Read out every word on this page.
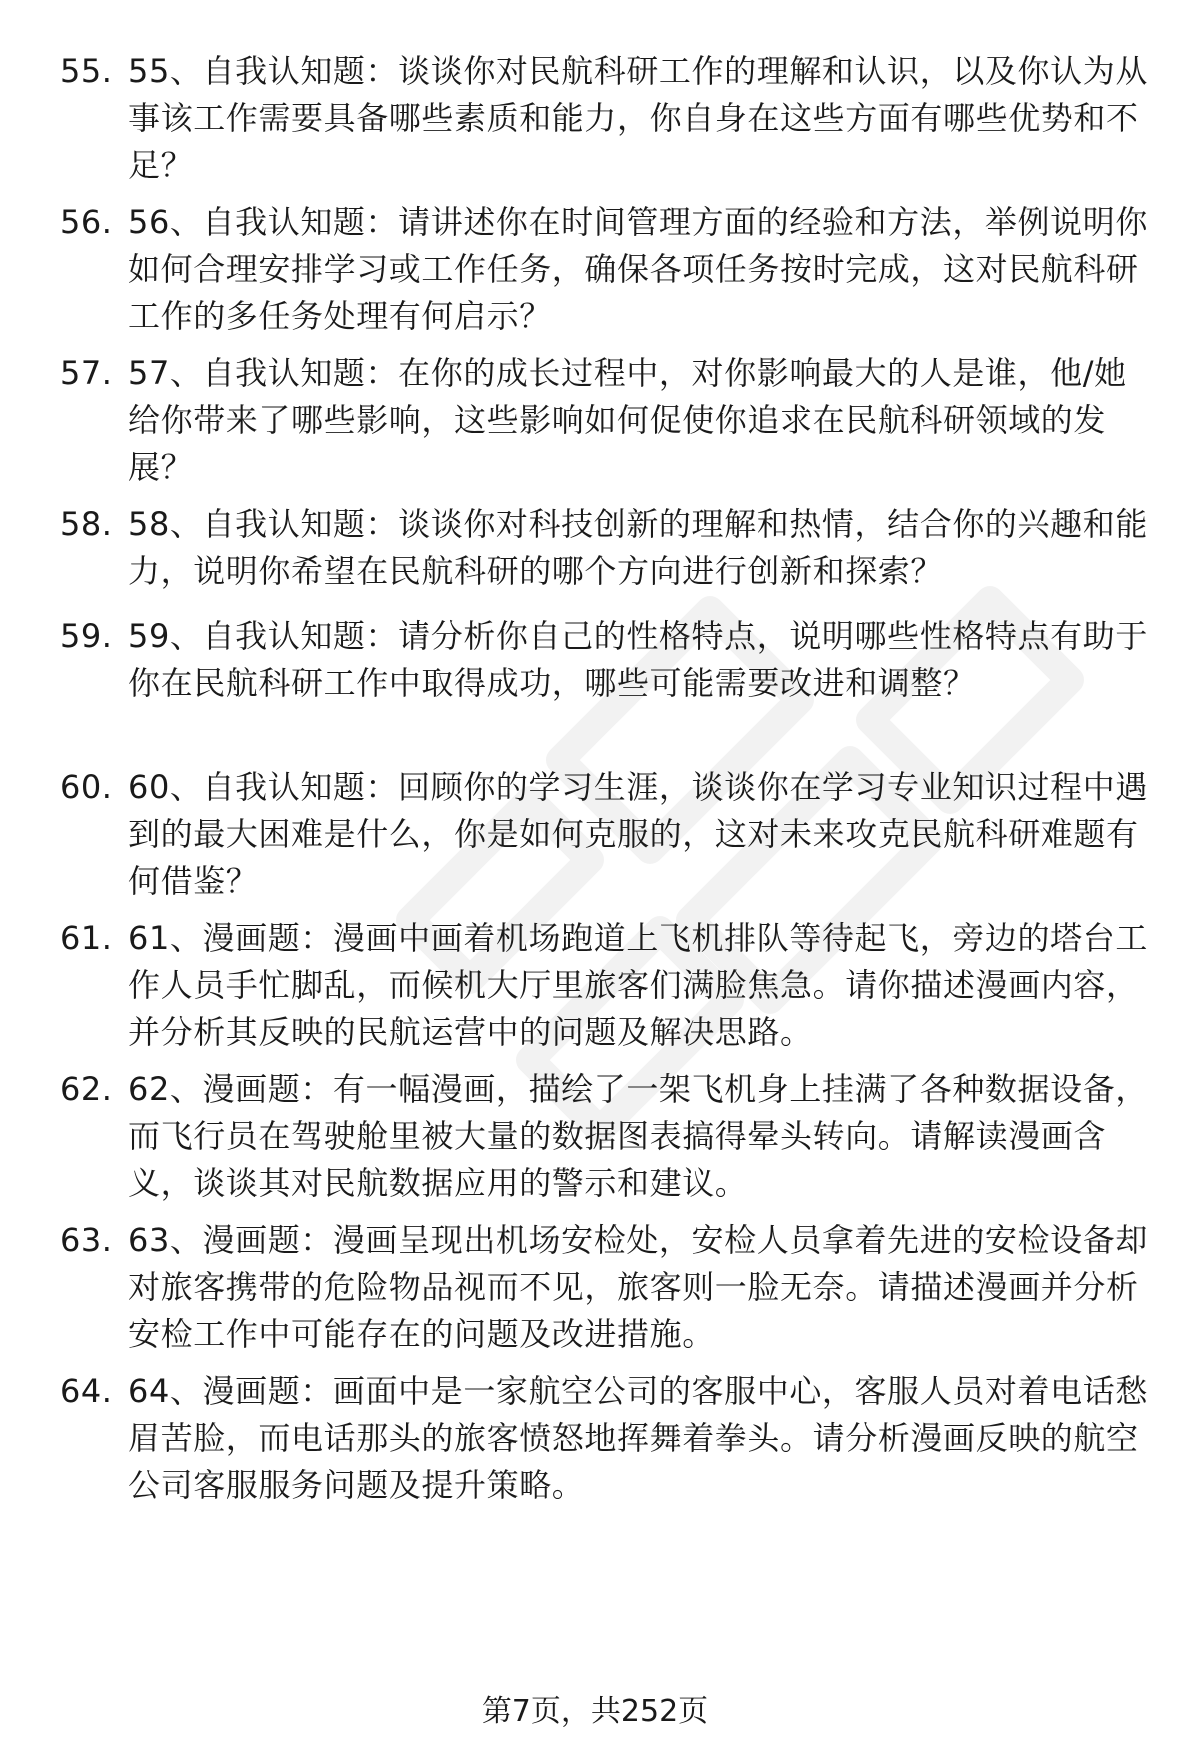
55. 55、自我认知题：谈谈你对民航科研工作的理解和认识，以及你认为从事该工作需要具备哪些素质和能力，你自身在这些方面有哪些优势和不足？
56. 56、自我认知题：请讲述你在时间管理方面的经验和方法，举例说明你如何合理安排学习或工作任务，确保各项任务按时完成，这对民航科研工作的多任务处理有何启示？
57. 57、自我认知题：在你的成长过程中，对你影响最大的人是谁，他/她给你带来了哪些影响，这些影响如何促使你追求在民航科研领域的发展？
58. 58、自我认知题：谈谈你对科技创新的理解和热情，结合你的兴趣和能力，说明你希望在民航科研的哪个方向进行创新和探索？
59. 59、自我认知题：请分析你自己的性格特点，说明哪些性格特点有助于你在民航科研工作中取得成功，哪些可能需要改进和调整？
60. 60、自我认知题：回顾你的学习生涯，谈谈你在学习专业知识过程中遇到的最大困难是什么，你是如何克服的，这对未来攻克民航科研难题有何借鉴？
61. 61、漫画题：漫画中画着机场跑道上飞机排队等待起飞，旁边的塔台工作人员手忙脚乱，而候机大厅里旅客们满脸焦急。请你描述漫画内容，并分析其反映的民航运营中的问题及解决思路。
62. 62、漫画题：有一幅漫画，描绘了一架飞机身上挂满了各种数据设备，而飞行员在驾驶舱里被大量的数据图表搞得晕头转向。请解读漫画含义，谈谈其对民航数据应用的警示和建议。
63. 63、漫画题：漫画呈现出机场安检处，安检人员拿着先进的安检设备却对旅客携带的危险物品视而不见，旅客则一脸无奈。请描述漫画并分析安检工作中可能存在的问题及改进措施。
64. 64、漫画题：画面中是一家航空公司的客服中心，客服人员对着电话愁眉苦脸，而电话那头的旅客愤怒地挥舞着拳头。请分析漫画反映的航空公司客服服务问题及提升策略。
第7页，共252页
